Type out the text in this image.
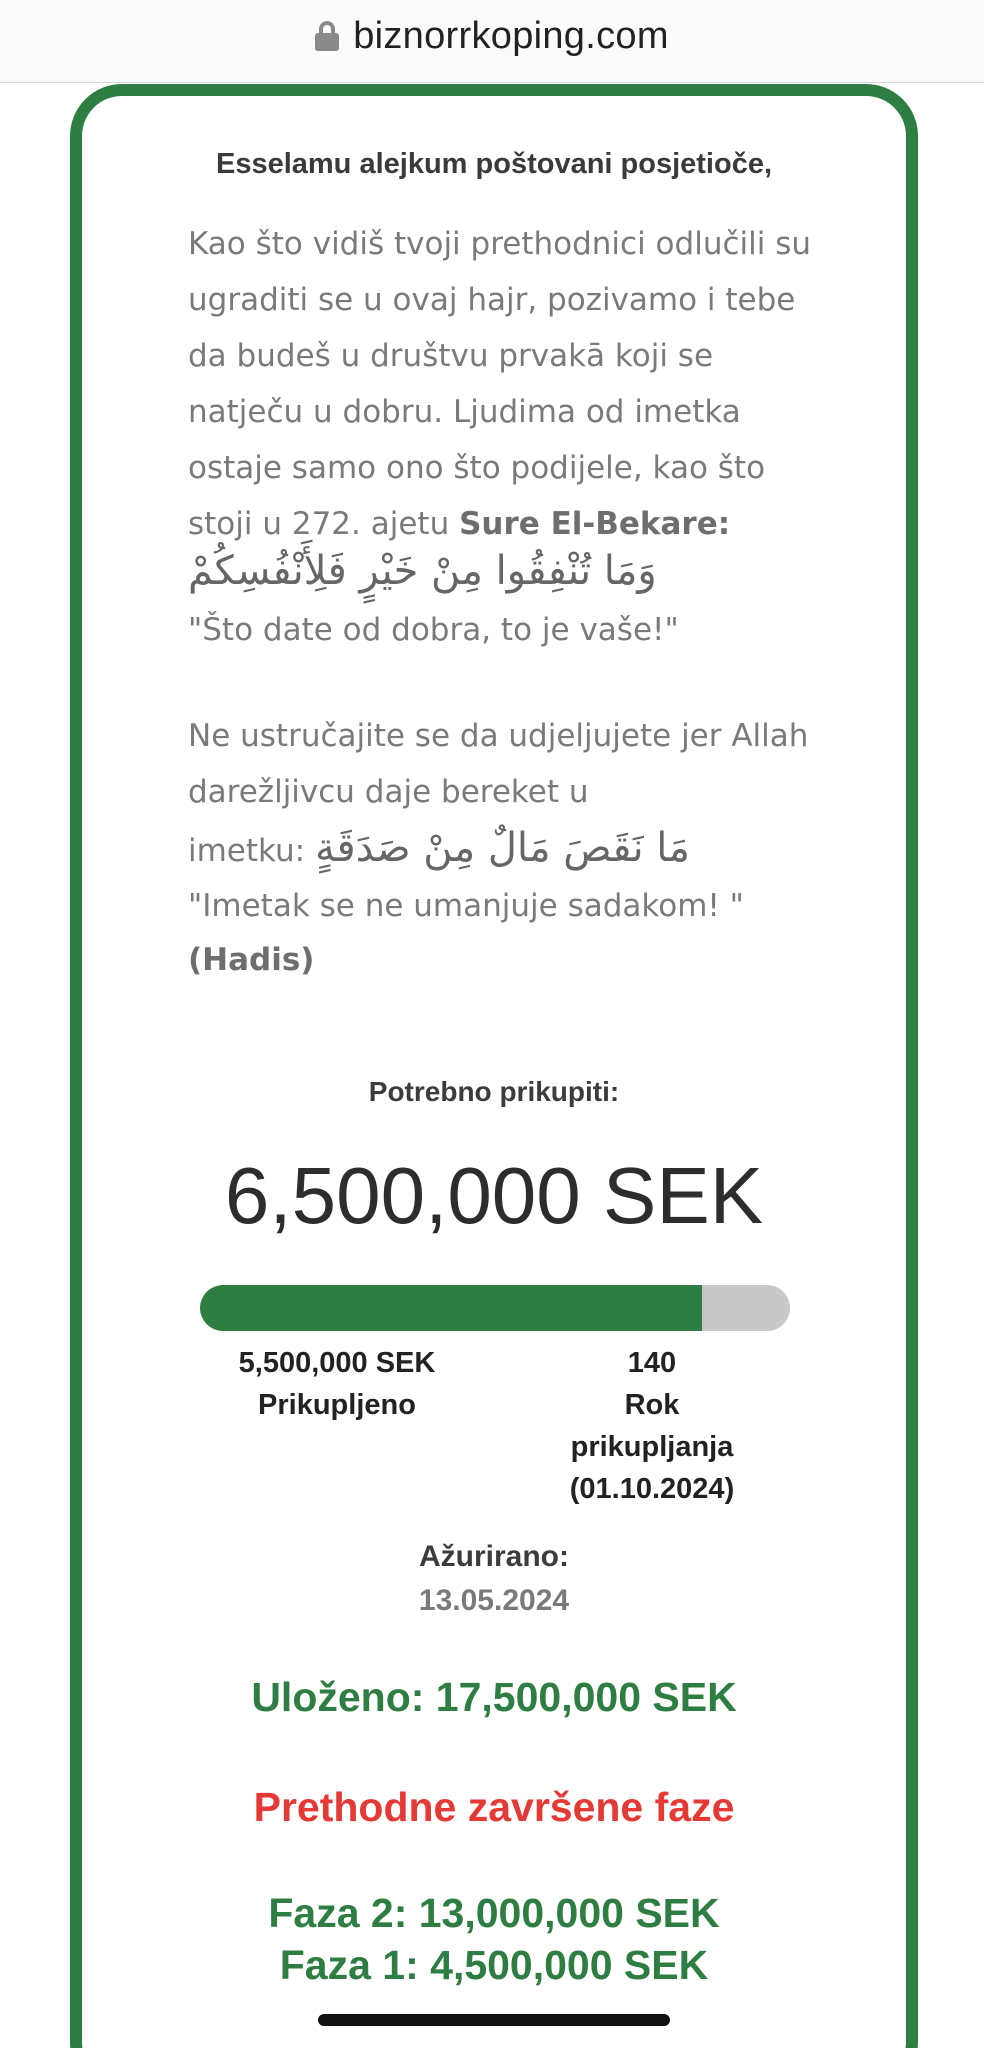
biznorrkoping.com
Esselamu alejkum poštovani posjetioče,
Kao što vidiš tvoji prethodnici odlučili su ugraditi se u ovaj hajr, pozivamo i tebe da budeš u društvu prvakā koji se natječu u dobru. Ljudima od imetka ostaje samo ono što podijele, kao što stoji u 272. ajetu Sure El-Bekare:
وَمَا تُنْفِقُوا مِنْ خَيْرٍ فَلِأَنْفُسِكُمْ
"Što date od dobra, to je vaše!"
Ne ustručajite se da udjeljujete jer Allah darežljivcu daje bereket u
imetku: مَا نَقَصَ مَالٌ مِنْ صَدَقَةٍ
"Imetak se ne umanjuje sadakom! "
(Hadis)
Potrebno prikupiti:
6,500,000 SEK
5,500,000 SEK
Prikupljeno
140
Rok
prikupljanja
(01.10.2024)
Ažurirano:
13.05.2024
Uloženo: 17,500,000 SEK
Prethodne završene faze
Faza 2: 13,000,000 SEK
Faza 1: 4,500,000 SEK
